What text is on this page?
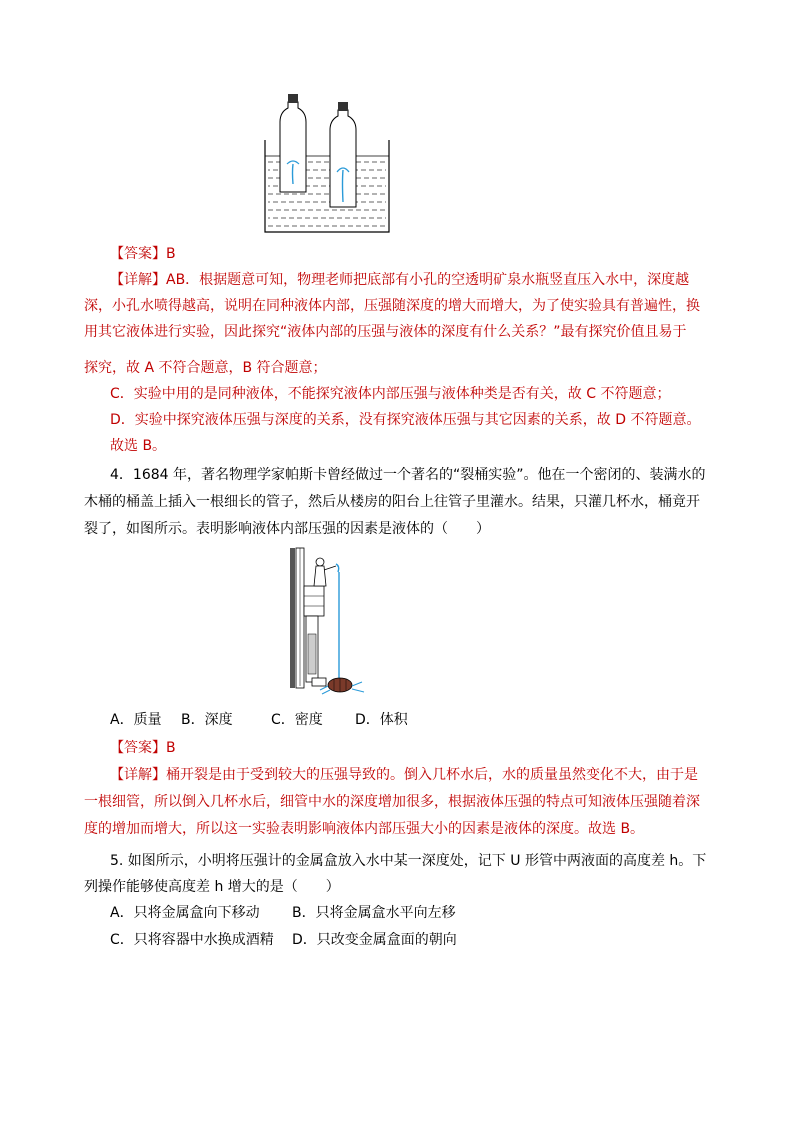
【答案】B
【详解】AB．根据题意可知，物理老师把底部有小孔的空透明矿泉水瓶竖直压入水中，深度越
深，小孔水喷得越高，说明在同种液体内部，压强随深度的增大而增大，为了使实验具有普遍性，换
用其它液体进行实验，因此探究“液体内部的压强与液体的深度有什么关系？”最有探究价值且易于
探究，故 A 不符合题意，B 符合题意；
C．实验中用的是同种液体，不能探究液体内部压强与液体种类是否有关，故 C 不符题意；
D．实验中探究液体压强与深度的关系，没有探究液体压强与其它因素的关系，故 D 不符题意。
故选 B。
4．1684 年，著名物理学家帕斯卡曾经做过一个著名的“裂桶实验”。他在一个密闭的、装满水的
木桶的桶盖上插入一根细长的管子，然后从楼房的阳台上往管子里灌水。结果，只灌几杯水，桶竟开
裂了，如图所示。表明影响液体内部压强的因素是液体的（　　）
A．质量 B．深度	C．密度 D．体积
【答案】B
【详解】桶开裂是由于受到较大的压强导致的。倒入几杯水后，水的质量虽然变化不大，由于是
一根细管，所以倒入几杯水后，细管中水的深度增加很多，根据液体压强的特点可知液体压强随着深
度的增加而增大，所以这一实验表明影响液体内部压强大小的因素是液体的深度。故选 B。
5. 如图所示，小明将压强计的金属盒放入水中某一深度处，记下 U 形管中两液面的高度差 h。下
列操作能够使高度差 h 增大的是（　　）
A．只将金属盒向下移动 B．只将金属盒水平向左移
C．只将容器中水换成酒精 D．只改变金属盒面的朝向
